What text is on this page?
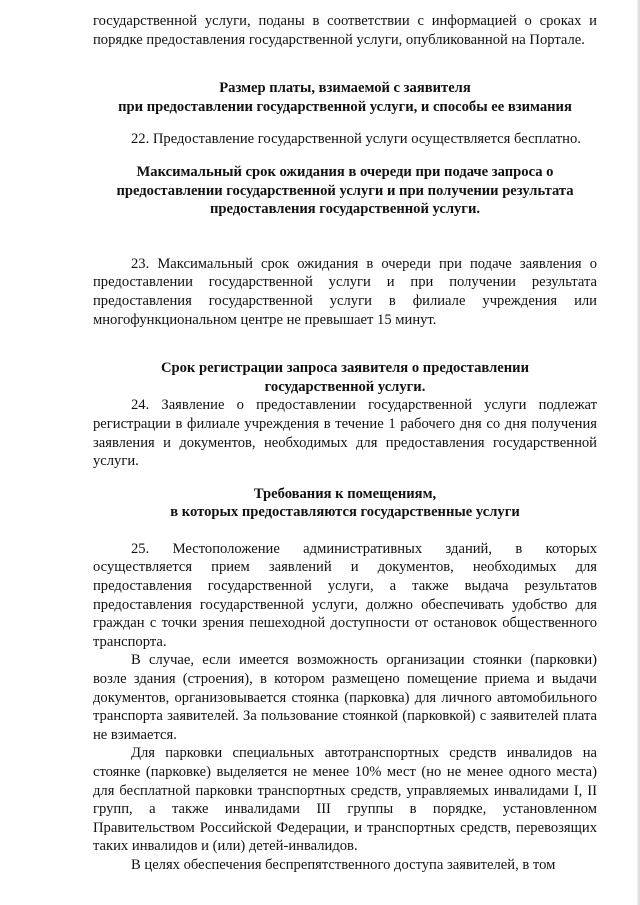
государственной услуги, поданы в соответствии с информацией о сроках и порядке предоставления государственной услуги, опубликованной на Портале.

Размер платы, взимаемой с заявителя
при предоставлении государственной услуги, и способы ее взимания

22. Предоставление государственной услуги осуществляется бесплатно.

Максимальный срок ожидания в очереди при подаче запроса о
предоставлении государственной услуги и при получении результата
предоставления государственной услуги.

23. Максимальный срок ожидания в очереди при подаче заявления о предоставлении государственной услуги и при получении результата предоставления государственной услуги в филиале учреждения или многофункциональном центре не превышает 15 минут.

Срок регистрации запроса заявителя о предоставлении
государственной услуги.

24. Заявление о предоставлении государственной услуги подлежат регистрации в филиале учреждения в течение 1 рабочего дня со дня получения заявления и документов, необходимых для предоставления государственной услуги.

Требования к помещениям,
в которых предоставляются государственные услуги

25. Местоположение административных зданий, в которых осуществляется прием заявлений и документов, необходимых для предоставления государственной услуги, а также выдача результатов предоставления государственной услуги, должно обеспечивать удобство для граждан с точки зрения пешеходной доступности от остановок общественного транспорта.

В случае, если имеется возможность организации стоянки (парковки) возле здания (строения), в котором размещено помещение приема и выдачи документов, организовывается стоянка (парковка) для личного автомобильного транспорта заявителей. За пользование стоянкой (парковкой) с заявителей плата не взимается.

Для парковки специальных автотранспортных средств инвалидов на стоянке (парковке) выделяется не менее 10% мест (но не менее одного места) для бесплатной парковки транспортных средств, управляемых инвалидами I, II групп, а также инвалидами III группы в порядке, установленном Правительством Российской Федерации, и транспортных средств, перевозящих таких инвалидов и (или) детей-инвалидов.

В целях обеспечения беспрепятственного доступа заявителей, в том
